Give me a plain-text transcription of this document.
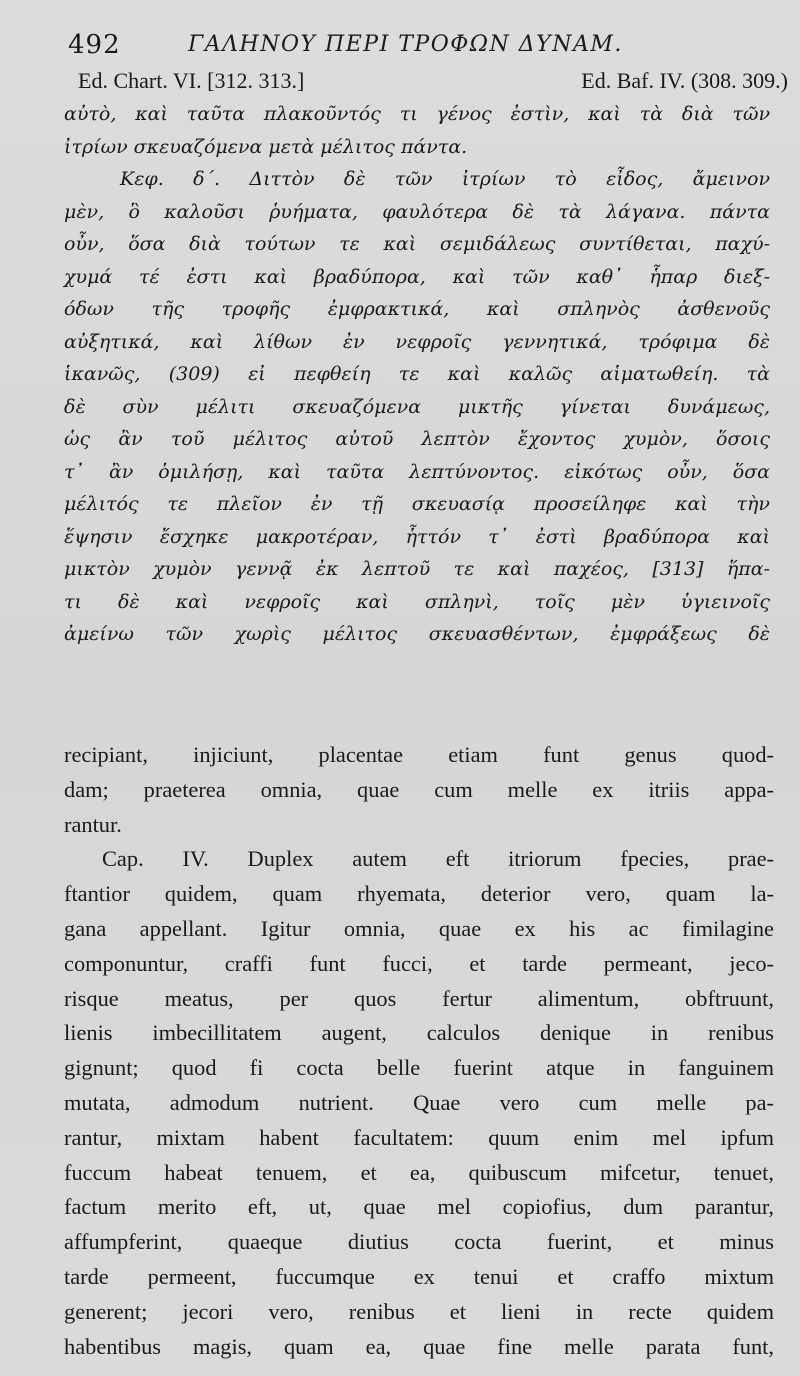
492	ΓΑΛΗΝΟΥ ΠΕΡΙ ΤΡΟΦΩΝ ΔΥΝΑΜ.
Ed. Chart. VI. [312. 313.]	Ed. Baf. IV. (308. 309.)
αὐτὸ, καὶ ταῦτα πλακοῦντός τι γένος ἐστὶν, καὶ τὰ διὰ τῶν
ἰτρίων σκευαζόμενα μετὰ μέλιτος πάντα.
Κεφ. δ΄. Διττὸν δὲ τῶν ἰτρίων τὸ εἶδος, ἄμεινον
μὲν, ὃ καλοῦσι ῥυήματα, φαυλότερα δὲ τὰ λάγανα. πάντα
οὖν, ὅσα διὰ τούτων τε καὶ σεμιδάλεως συντίθεται, παχύ-
χυμά τέ ἐστι καὶ βραδύπορα, καὶ τῶν καθ᾽ ἧπαρ διεξ-
όδων τῆς τροφῆς ἐμφρακτικά, καὶ σπληνὸς ἀσθενοῦς
αὐξητικά, καὶ λίθων ἐν νεφροῖς γεννητικά, τρόφιμα δὲ
ἱκανῶς, (309) εἰ πεφθείη τε καὶ καλῶς αἱματωθείη. τὰ
δὲ σὺν μέλιτι σκευαζόμενα μικτῆς γίνεται δυνάμεως,
ὡς ἂν τοῦ μέλιτος αὐτοῦ λεπτὸν ἔχοντος χυμὸν, ὅσοις
τ᾽ ἂν ὁμιλήσῃ, καὶ ταῦτα λεπτύνοντος. εἰκότως οὖν, ὅσα
μέλιτός τε πλεῖον ἐν τῇ σκευασίᾳ προσείληφε καὶ τὴν
ἕψησιν ἔσχηκε μακροτέραν, ἧττόν τ᾽ ἐστὶ βραδύπορα καὶ
μικτὸν χυμὸν γεννᾷ ἐκ λεπτοῦ τε καὶ παχέος, [313] ἥπα-
τι δὲ καὶ νεφροῖς καὶ σπληνὶ, τοῖς μὲν ὑγιεινοῖς
ἀμείνω τῶν χωρὶς μέλιτος σκευασθέντων, ἐμφράξεως δὲ
recipiant, injiciunt, placentae etiam funt genus quod-
dam; praeterea omnia, quae cum melle ex itriis appa-
rantur.
Cap. IV. Duplex autem eft itriorum fpecies, prae-
ftantior quidem, quam rhyemata, deterior vero, quam la-
gana appellant. Igitur omnia, quae ex his ac fimilagine
componuntur, craffi funt fucci, et tarde permeant, jeco-
risque meatus, per quos fertur alimentum, obftruunt,
lienis imbecillitatem augent, calculos denique in renibus
gignunt; quod fi cocta belle fuerint atque in fanguinem
mutata, admodum nutrient. Quae vero cum melle pa-
rantur, mixtam habent facultatem: quum enim mel ipfum
fuccum habeat tenuem, et ea, quibuscum mifcetur, tenuet,
factum merito eft, ut, quae mel copiofius, dum parantur,
affumpferint, quaeque diutius cocta fuerint, et minus
tarde permeent, fuccumque ex tenui et craffo mixtum
generent; jecori vero, renibus et lieni in recte quidem
habentibus magis, quam ea, quae fine melle parata funt,
